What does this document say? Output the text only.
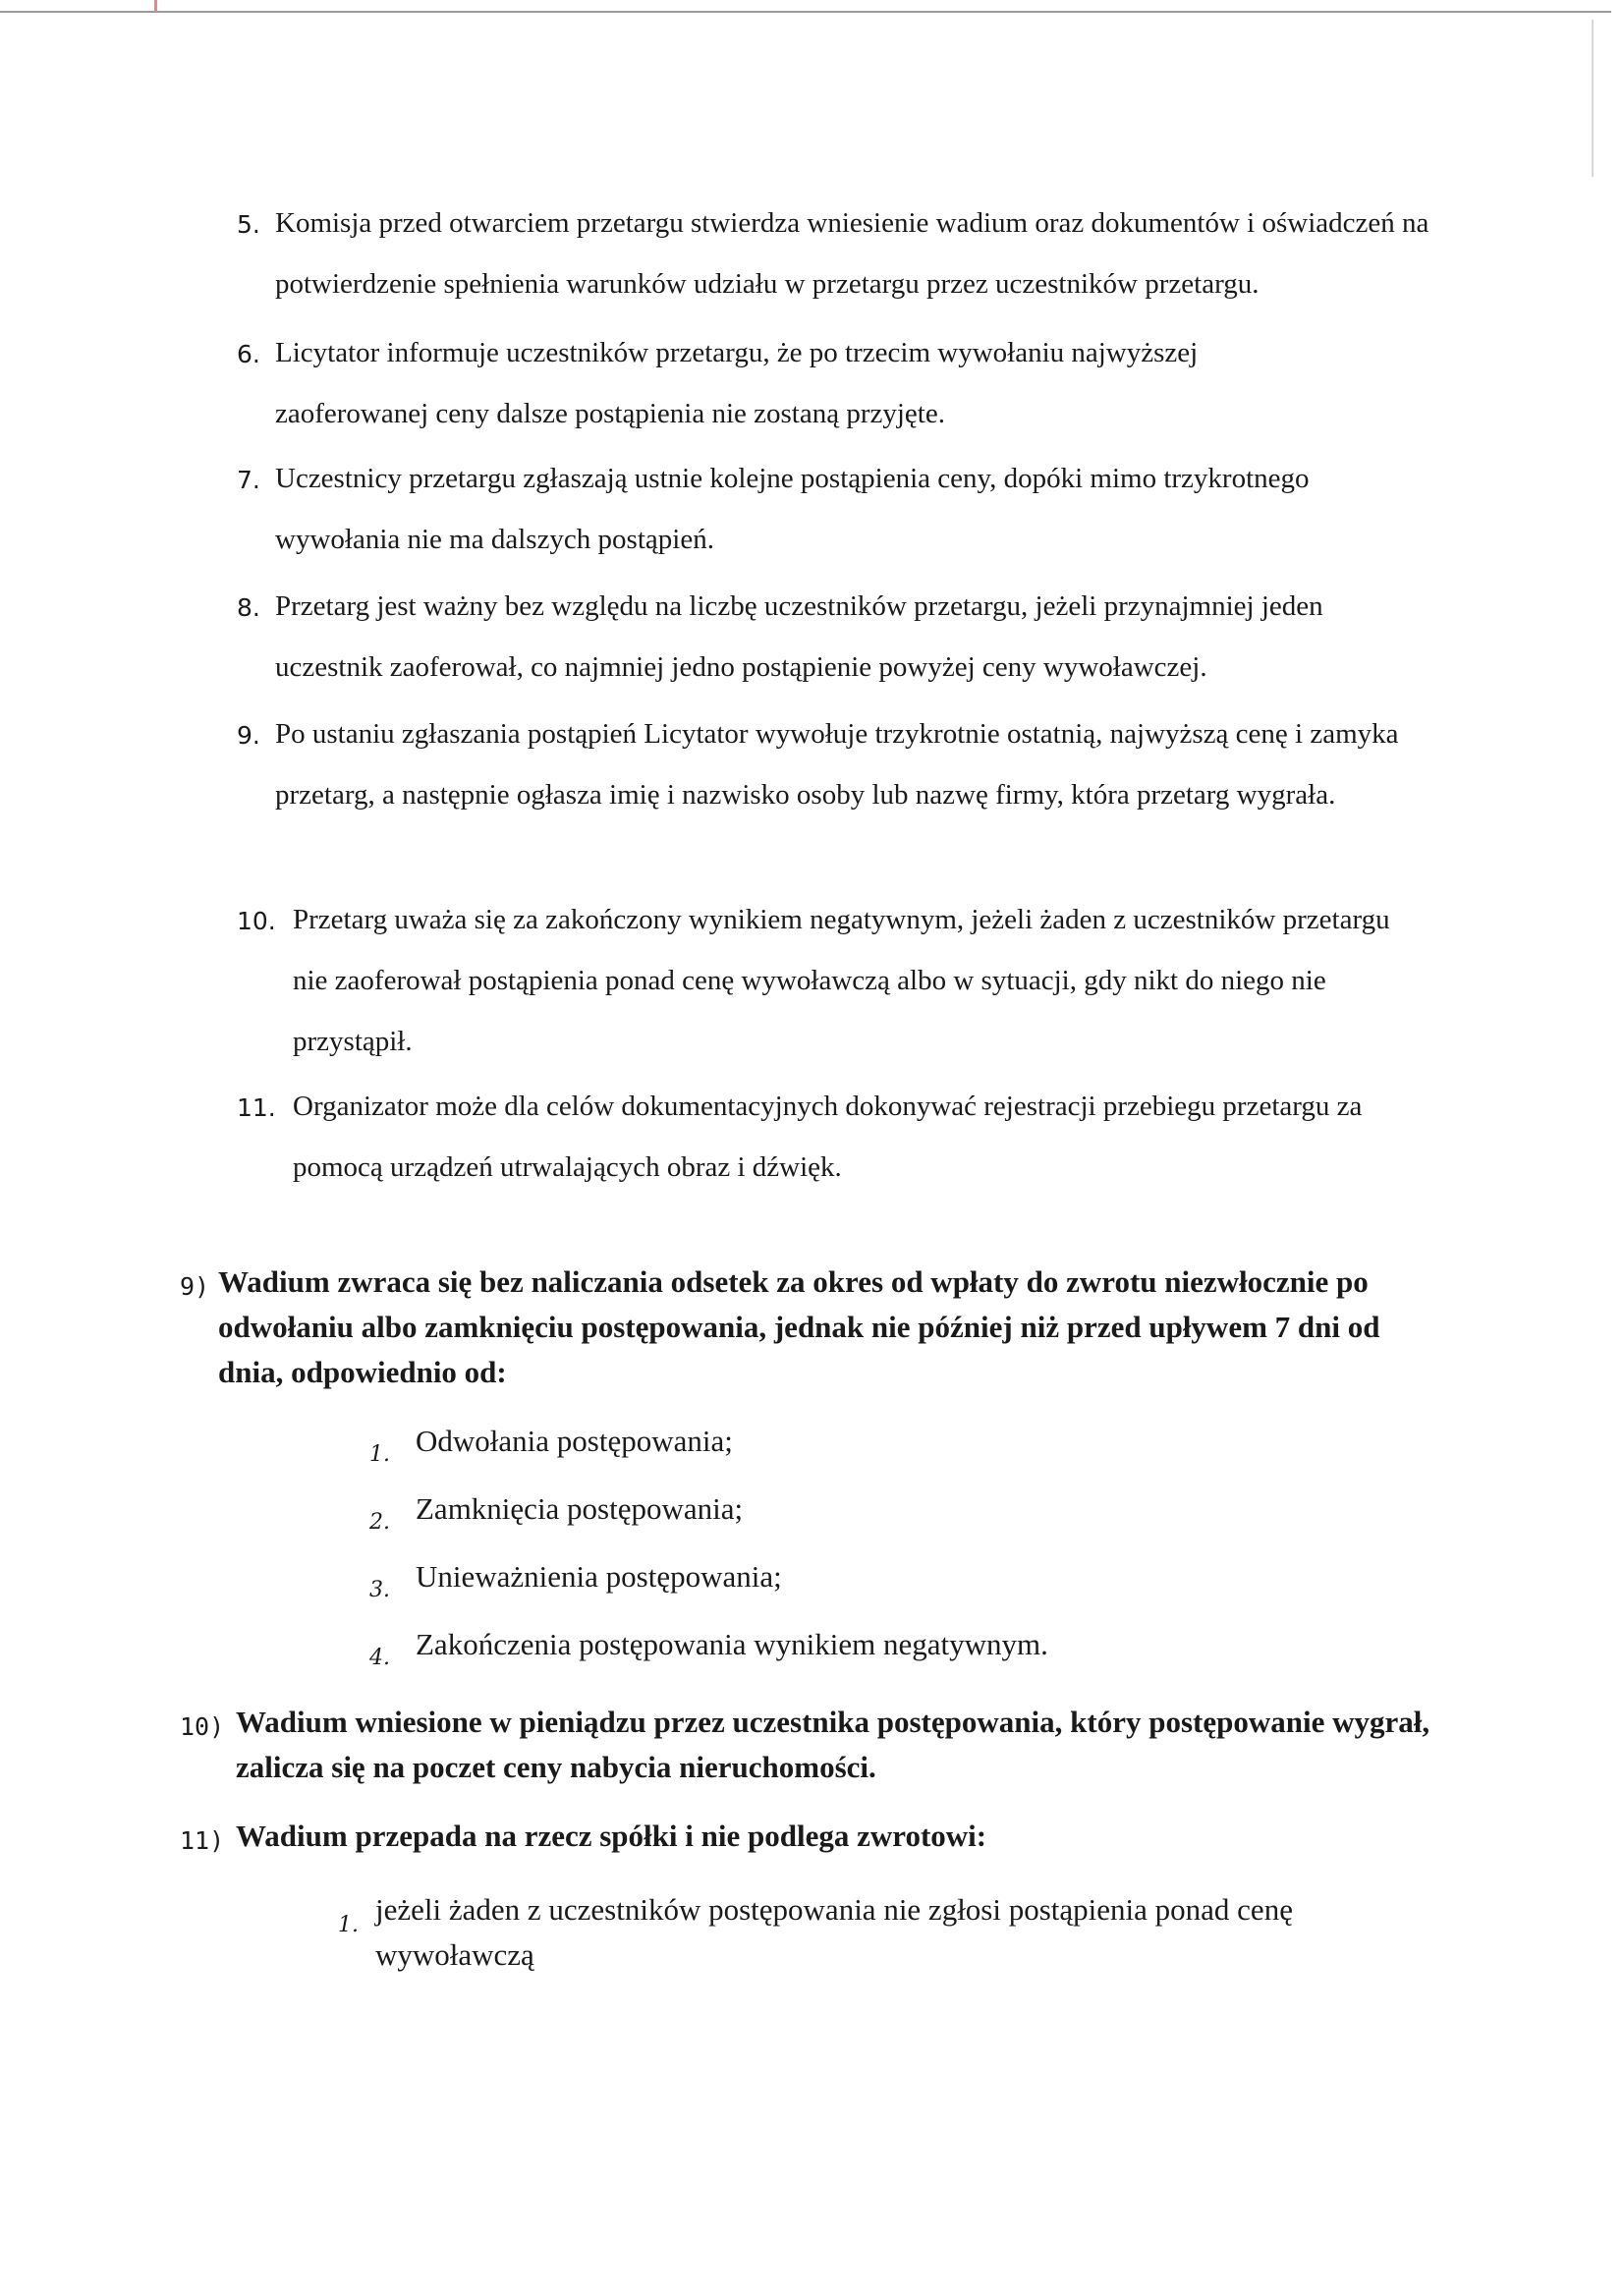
5. Komisja przed otwarciem przetargu stwierdza wniesienie wadium oraz dokumentów i oświadczeń na potwierdzenie spełnienia warunków udziału w przetargu przez uczestników przetargu.
6. Licytator informuje uczestników przetargu, że po trzecim wywołaniu najwyższej zaoferowanej ceny dalsze postąpienia nie zostaną przyjęte.
7. Uczestnicy przetargu zgłaszają ustnie kolejne postąpienia ceny, dopóki mimo trzykrotnego wywołania nie ma dalszych postąpień.
8. Przetarg jest ważny bez względu na liczbę uczestników przetargu, jeżeli przynajmniej jeden uczestnik zaoferował, co najmniej jedno postąpienie powyżej ceny wywoławczej.
9. Po ustaniu zgłaszania postąpień Licytator wywołuje trzykrotnie ostatnią, najwyższą cenę i zamyka przetarg, a następnie ogłasza imię i nazwisko osoby lub nazwę firmy, która przetarg wygrała.
10. Przetarg uważa się za zakończony wynikiem negatywnym, jeżeli żaden z uczestników przetargu nie zaoferował postąpienia ponad cenę wywoławczą albo w sytuacji, gdy nikt do niego nie przystąpił.
11. Organizator może dla celów dokumentacyjnych dokonywać rejestracji przebiegu przetargu za pomocą urządzeń utrwalających obraz i dźwięk.
9) Wadium zwraca się bez naliczania odsetek za okres od wpłaty do zwrotu niezwłocznie po odwołaniu albo zamknięciu postępowania, jednak nie później niż przed upływem 7 dni od dnia, odpowiednio od:
1. Odwołania postępowania;
2. Zamknięcia postępowania;
3. Unieważnienia postępowania;
4. Zakończenia postępowania wynikiem negatywnym.
10) Wadium wniesione w pieniądzu przez uczestnika postępowania, który postępowanie wygrał, zalicza się na poczet ceny nabycia nieruchomości.
11) Wadium przepada na rzecz spółki i nie podlega zwrotowi:
1. jeżeli żaden z uczestników postępowania nie zgłosi postąpienia ponad cenę wywoławczą
